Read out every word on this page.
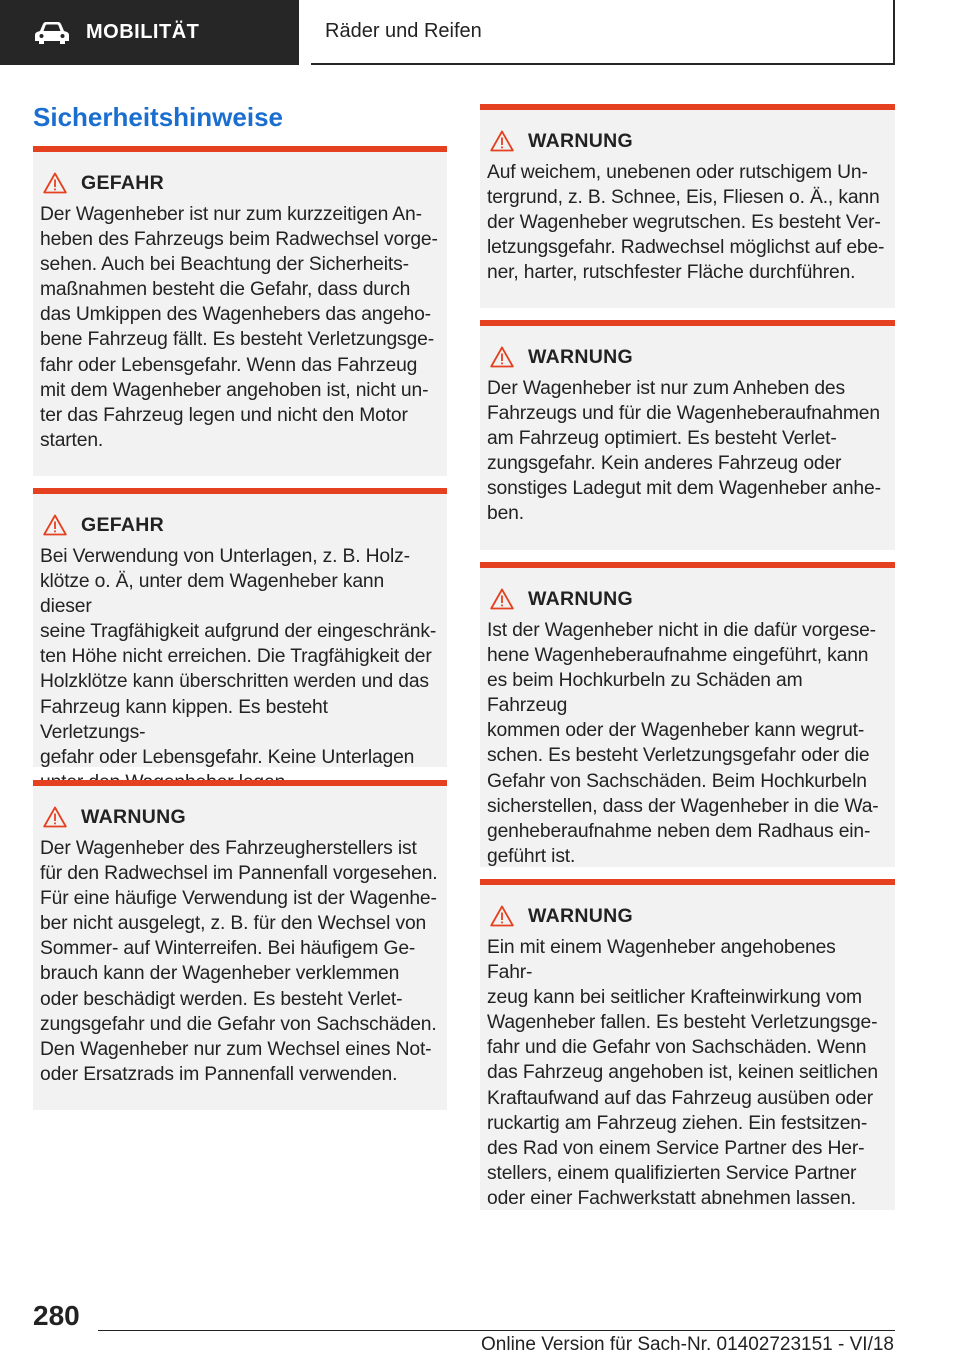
MOBILITÄT	Räder und Reifen
Sicherheitshinweise
GEFAHR
Der Wagenheber ist nur zum kurzzeitigen An‐
heben des Fahrzeugs beim Radwechsel vorge‐
sehen. Auch bei Beachtung der Sicherheits‐
maßnahmen besteht die Gefahr, dass durch
das Umkippen des Wagenhebers das angeho‐
bene Fahrzeug fällt. Es besteht Verletzungsge‐
fahr oder Lebensgefahr. Wenn das Fahrzeug
mit dem Wagenheber angehoben ist, nicht un‐
ter das Fahrzeug legen und nicht den Motor
starten.
GEFAHR
Bei Verwendung von Unterlagen, z. B. Holz‐
klötze o. Ä, unter dem Wagenheber kann dieser
seine Tragfähigkeit aufgrund der eingeschränk‐
ten Höhe nicht erreichen. Die Tragfähigkeit der
Holzklötze kann überschritten werden und das
Fahrzeug kann kippen. Es besteht Verletzungs‐
gefahr oder Lebensgefahr. Keine Unterlagen

WARNUNG
Der Wagenheber des Fahrzeugherstellers ist
für den Radwechsel im Pannenfall vorgesehen.
Für eine häufige Verwendung ist der Wagenhe‐
ber nicht ausgelegt, z. B. für den Wechsel von
Sommer- auf Winterreifen. Bei häufigem Ge‐
brauch kann der Wagenheber verklemmen
oder beschädigt werden. Es besteht Verlet‐
zungsgefahr und die Gefahr von Sachschäden.
Den Wagenheber nur zum Wechsel eines Not-
oder Ersatzrads im Pannenfall verwenden.
WARNUNG
Auf weichem, unebenen oder rutschigem Un‐
tergrund, z. B. Schnee, Eis, Fliesen o. Ä., kann
der Wagenheber wegrutschen. Es besteht Ver‐
letzungsgefahr. Radwechsel möglichst auf ebe‐
ner, harter, rutschfester Fläche durchführen.
WARNUNG
Der Wagenheber ist nur zum Anheben des
Fahrzeugs und für die Wagenheberaufnahmen
am Fahrzeug optimiert. Es besteht Verlet‐
zungsgefahr. Kein anderes Fahrzeug oder
sonstiges Ladegut mit dem Wagenheber anhe‐
ben.
WARNUNG
Ist der Wagenheber nicht in die dafür vorgese‐
hene Wagenheberaufnahme eingeführt, kann
es beim Hochkurbeln zu Schäden am Fahrzeug
kommen oder der Wagenheber kann wegrut‐
schen. Es besteht Verletzungsgefahr oder die
Gefahr von Sachschäden. Beim Hochkurbeln
sicherstellen, dass der Wagenheber in die Wa‐
genheberaufnahme neben dem Radhaus ein‐
geführt ist.
WARNUNG
Ein mit einem Wagenheber angehobenes Fahr‐
zeug kann bei seitlicher Krafteinwirkung vom
Wagenheber fallen. Es besteht Verletzungsge‐
fahr und die Gefahr von Sachschäden. Wenn
das Fahrzeug angehoben ist, keinen seitlichen
Kraftaufwand auf das Fahrzeug ausüben oder
ruckartig am Fahrzeug ziehen. Ein festsitzen‐
des Rad von einem Service Partner des Her‐
stellers, einem qualifizierten Service Partner
oder einer Fachwerkstatt abnehmen lassen.
280
Online Version für Sach-Nr. 01402723151 - VI/18
